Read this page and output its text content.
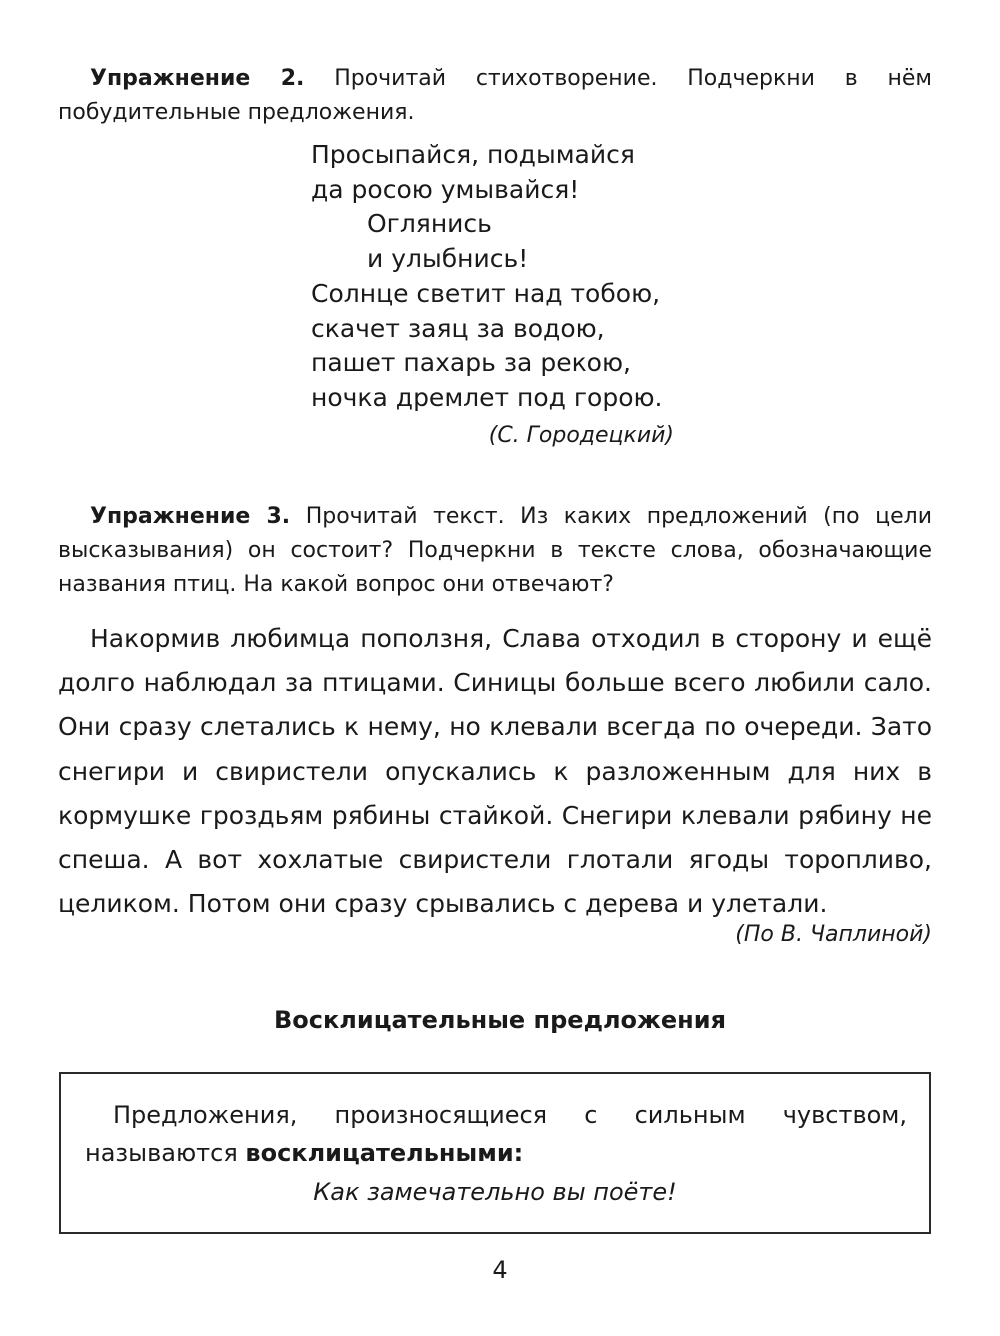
Упражнение 2. Прочитай стихотворение. Подчеркни в нём побудительные предложения.

Просыпайся, подымайся
да росою умывайся!
Оглянись
и улыбнись!
Солнце светит над тобою,
скачет заяц за водою,
пашет пахарь за рекою,
ночка дремлет под горою.
(С. Городецкий)

Упражнение 3. Прочитай текст. Из каких предложений (по цели высказывания) он состоит? Подчеркни в тексте слова, обозначающие названия птиц. На какой вопрос они отвечают?

Накормив любимца поползня, Слава отходил в сторону и ещё долго наблюдал за птицами. Синицы больше всего любили сало. Они сразу слетались к нему, но клевали всегда по очереди. Зато снегири и свиристели опускались к разложенным для них в кормушке гроздьям рябины стайкой. Снегири клевали рябину не спеша. А вот хохлатые свиристели глотали ягоды торопливо, целиком. Потом они сразу срывались с дерева и улетали.

(По В. Чаплиной)
Восклицательные предложения

Предложения, произносящиеся с сильным чувством, называются восклицательными:

Как замечательно вы поёте!
4
